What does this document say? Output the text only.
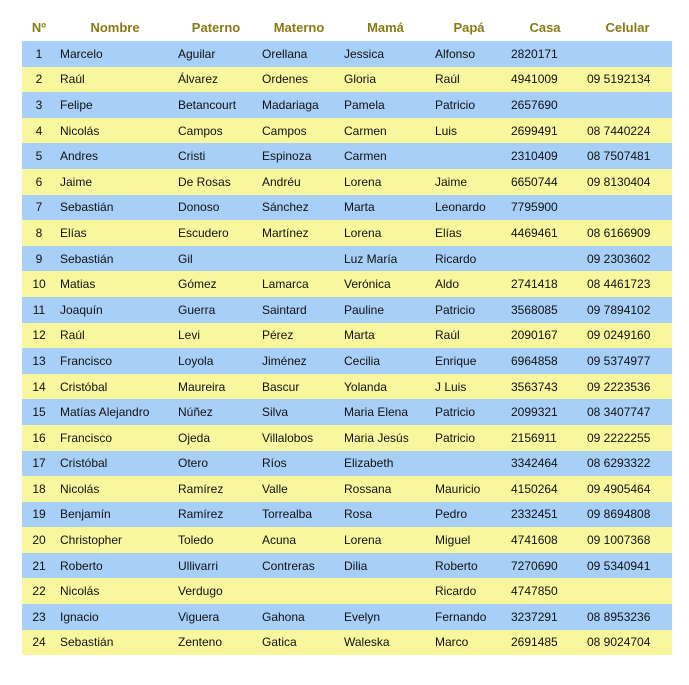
Nº	Nombre	Paterno	Materno	Mamá	Papá	Casa	Celular
1	Marcelo	Aguilar	Orellana	Jessica	Alfonso	2820171	
2	Raúl	Álvarez	Ordenes	Gloria	Raúl	4941009	09 5192134
3	Felipe	Betancourt	Madariaga	Pamela	Patricio	2657690	
4	Nicolás	Campos	Campos	Carmen	Luis	2699491	08 7440224
5	Andres	Cristi	Espinoza	Carmen		2310409	08 7507481
6	Jaime	De Rosas	Andréu	Lorena	Jaime	6650744	09 8130404
7	Sebastián	Donoso	Sánchez	Marta	Leonardo	7795900	
8	Elías	Escudero	Martínez	Lorena	Elías	4469461	08 6166909
9	Sebastián	Gil		Luz María	Ricardo		09 2303602
10	Matias	Gómez	Lamarca	Verónica	Aldo	2741418	08 4461723
11	Joaquín	Guerra	Saintard	Pauline	Patricio	3568085	09 7894102
12	Raúl	Levi	Pérez	Marta	Raúl	2090167	09 0249160
13	Francisco	Loyola	Jiménez	Cecilia	Enrique	6964858	09 5374977
14	Cristóbal	Maureira	Bascur	Yolanda	J Luis	3563743	09 2223536
15	Matías Alejandro	Núñez	Silva	Maria Elena	Patricio	2099321	08 3407747
16	Francisco	Ojeda	Villalobos	Maria Jesús	Patricio	2156911	09 2222255
17	Cristóbal	Otero	Ríos	Elizabeth		3342464	08 6293322
18	Nicolás	Ramírez	Valle	Rossana	Mauricio	4150264	09 4905464
19	Benjamín	Ramírez	Torrealba	Rosa	Pedro	2332451	09 8694808
20	Christopher	Toledo	Acuna	Lorena	Miguel	4741608	09 1007368
21	Roberto	Ullivarri	Contreras	Dilia	Roberto	7270690	09 5340941
22	Nicolás	Verdugo			Ricardo	4747850	
23	Ignacio	Viguera	Gahona	Evelyn	Fernando	3237291	08 8953236
24	Sebastián	Zenteno	Gatica	Waleska	Marco	2691485	08 9024704
